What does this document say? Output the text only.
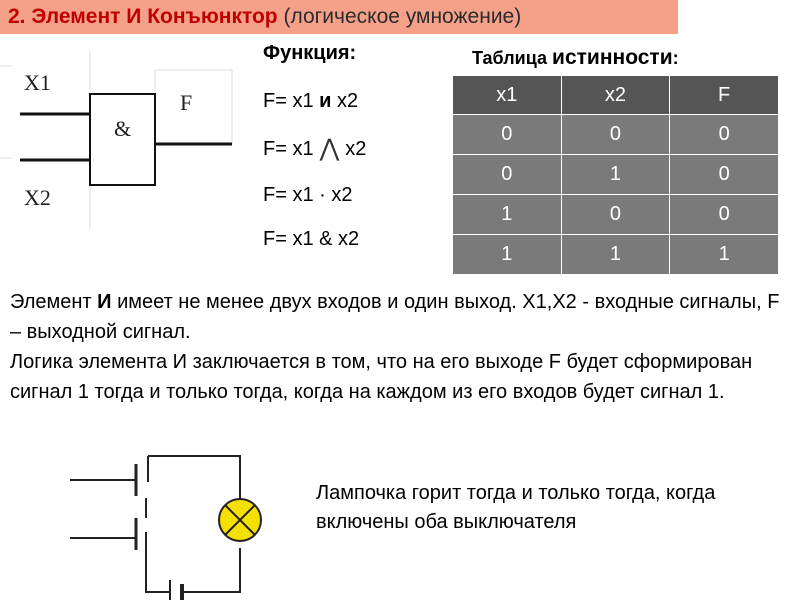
2. Элемент И Конъюнктор (логическое умножение)
X1
X2
&
F
Функция:
F= x1 и x2
F= x1 ⋀ x2
F= x1 · x2
F= x1 & x2
Таблица истинности:
x1	x2	F
0	0	0
0	1	0
1	0	0
1	1	1
Элемент И имеет не менее двух входов и один выход. X1,X2 - входные сигналы, F – выходной сигнал.
Логика элемента И заключается в том, что на его выходе F будет сформирован сигнал 1 тогда и только тогда, когда на каждом из его входов будет сигнал 1.
Лампочка горит тогда и только тогда, когда включены оба выключателя
